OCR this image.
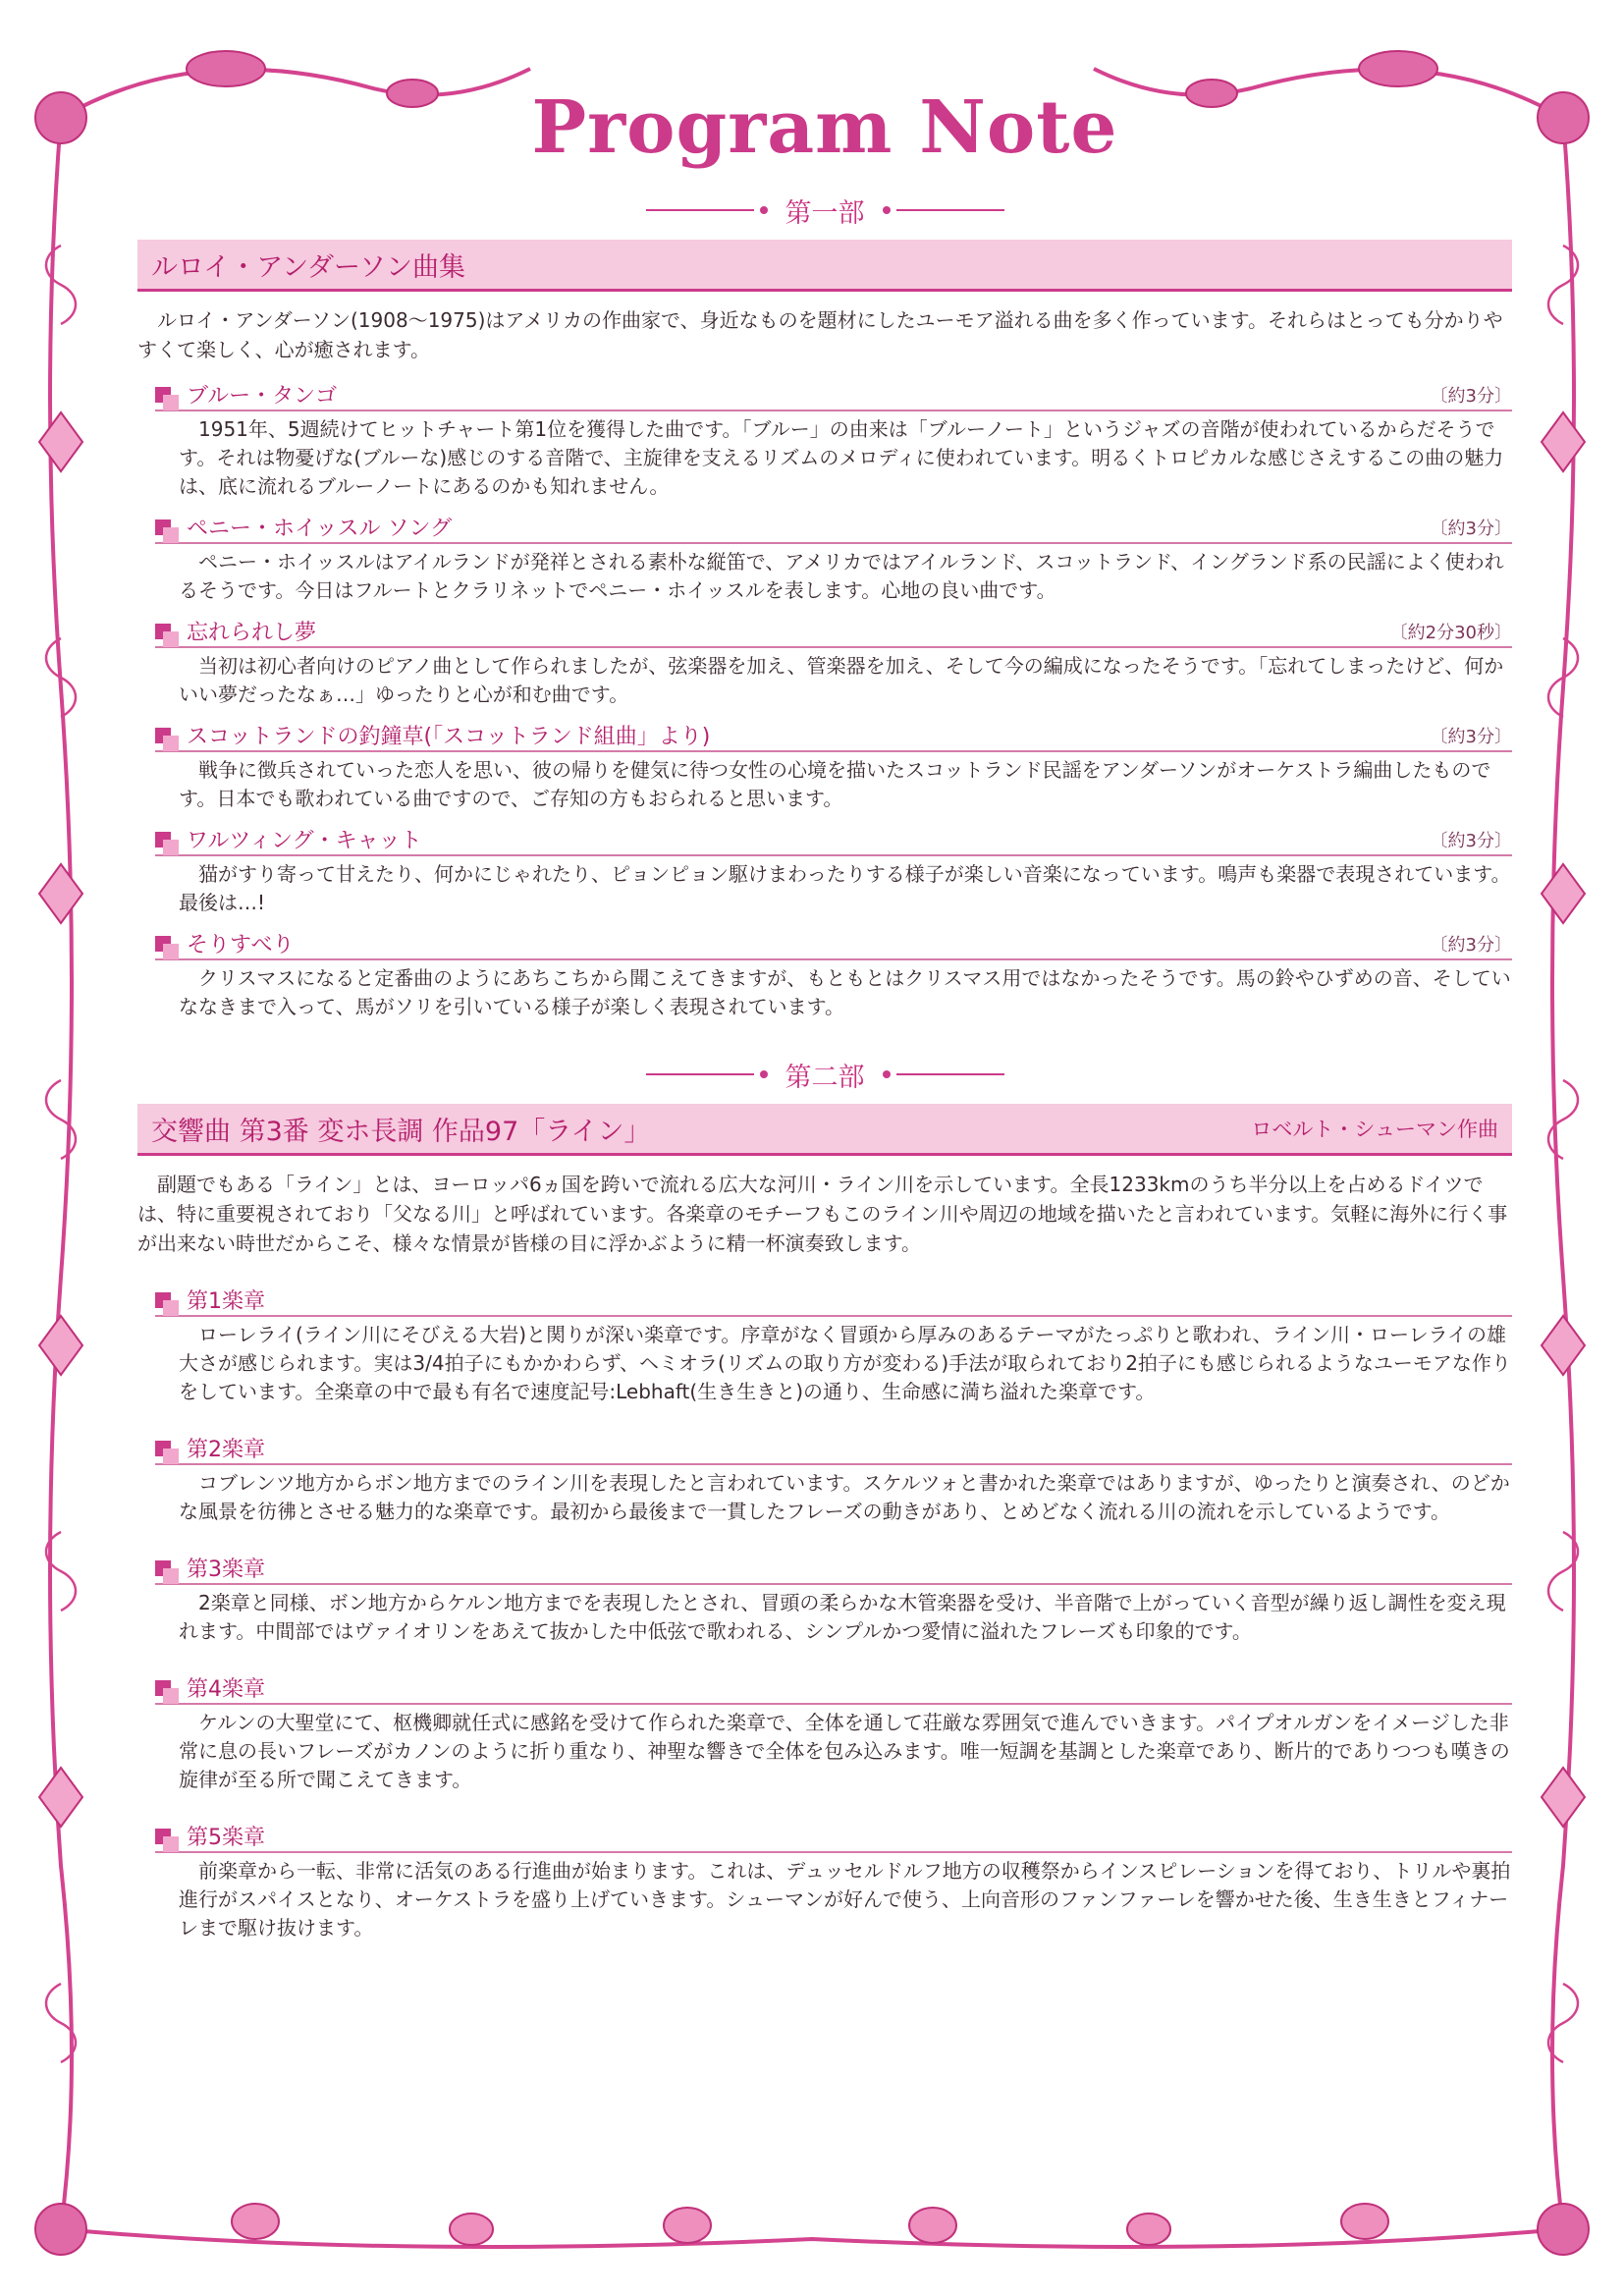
Program Note
第一部
ルロイ・アンダーソン曲集

ルロイ・アンダーソン(1908〜1975)はアメリカの作曲家で、身近なものを題材にしたユーモア溢れる曲を多く作っています。それらはとっても分かりやすくて楽しく、心が癒されます。

ブルー・タンゴ	〔約3分〕

1951年、5週続けてヒットチャート第1位を獲得した曲です。「ブルー」の由来は「ブルーノート」というジャズの音階が使われているからだそうです。それは物憂げな(ブルーな)感じのする音階で、主旋律を支えるリズムのメロディに使われています。明るくトロピカルな感じさえするこの曲の魅力は、底に流れるブルーノートにあるのかも知れません。

ペニー・ホイッスル ソング	〔約3分〕

ペニー・ホイッスルはアイルランドが発祥とされる素朴な縦笛で、アメリカではアイルランド、スコットランド、イングランド系の民謡によく使われるそうです。今日はフルートとクラリネットでペニー・ホイッスルを表します。心地の良い曲です。

忘れられし夢	〔約2分30秒〕

当初は初心者向けのピアノ曲として作られましたが、弦楽器を加え、管楽器を加え、そして今の編成になったそうです。「忘れてしまったけど、何かいい夢だったなぁ…」ゆったりと心が和む曲です。

スコットランドの釣鐘草(「スコットランド組曲」より)	〔約3分〕

戦争に徴兵されていった恋人を思い、彼の帰りを健気に待つ女性の心境を描いたスコットランド民謡をアンダーソンがオーケストラ編曲したものです。日本でも歌われている曲ですので、ご存知の方もおられると思います。

ワルツィング・キャット	〔約3分〕

猫がすり寄って甘えたり、何かにじゃれたり、ピョンピョン駆けまわったりする様子が楽しい音楽になっています。鳴声も楽器で表現されています。最後は…!

そりすべり	〔約3分〕

クリスマスになると定番曲のようにあちこちから聞こえてきますが、もともとはクリスマス用ではなかったそうです。馬の鈴やひずめの音、そしていななきまで入って、馬がソリを引いている様子が楽しく表現されています。

第二部
交響曲 第3番 変ホ長調 作品97「ライン」	ロベルト・シューマン作曲

副題でもある「ライン」とは、ヨーロッパ6ヵ国を跨いで流れる広大な河川・ライン川を示しています。全長1233kmのうち半分以上を占めるドイツでは、特に重要視されており「父なる川」と呼ばれています。各楽章のモチーフもこのライン川や周辺の地域を描いたと言われています。気軽に海外に行く事が出来ない時世だからこそ、様々な情景が皆様の目に浮かぶように精一杯演奏致します。

第1楽章

ローレライ(ライン川にそびえる大岩)と関りが深い楽章です。序章がなく冒頭から厚みのあるテーマがたっぷりと歌われ、ライン川・ローレライの雄大さが感じられます。実は3/4拍子にもかかわらず、ヘミオラ(リズムの取り方が変わる)手法が取られており2拍子にも感じられるようなユーモアな作りをしています。全楽章の中で最も有名で速度記号:Lebhaft(生き生きと)の通り、生命感に満ち溢れた楽章です。

第2楽章

コブレンツ地方からボン地方までのライン川を表現したと言われています。スケルツォと書かれた楽章ではありますが、ゆったりと演奏され、のどかな風景を彷彿とさせる魅力的な楽章です。最初から最後まで一貫したフレーズの動きがあり、とめどなく流れる川の流れを示しているようです。

第3楽章

2楽章と同様、ボン地方からケルン地方までを表現したとされ、冒頭の柔らかな木管楽器を受け、半音階で上がっていく音型が繰り返し調性を変え現れます。中間部ではヴァイオリンをあえて抜かした中低弦で歌われる、シンプルかつ愛情に溢れたフレーズも印象的です。

第4楽章

ケルンの大聖堂にて、枢機卿就任式に感銘を受けて作られた楽章で、全体を通して荘厳な雰囲気で進んでいきます。パイプオルガンをイメージした非常に息の長いフレーズがカノンのように折り重なり、神聖な響きで全体を包み込みます。唯一短調を基調とした楽章であり、断片的でありつつも嘆きの旋律が至る所で聞こえてきます。

第5楽章

前楽章から一転、非常に活気のある行進曲が始まります。これは、デュッセルドルフ地方の収穫祭からインスピレーションを得ており、トリルや裏拍進行がスパイスとなり、オーケストラを盛り上げていきます。シューマンが好んで使う、上向音形のファンファーレを響かせた後、生き生きとフィナーレまで駆け抜けます。
